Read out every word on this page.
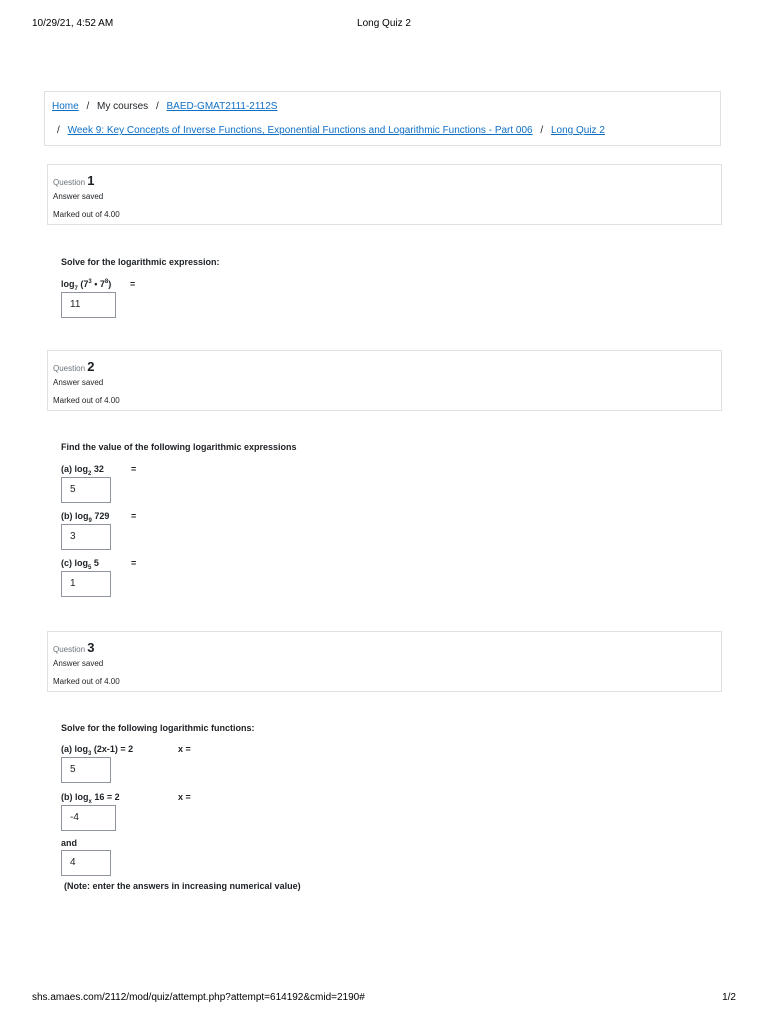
10/29/21, 4:52 AM	Long Quiz 2
Home / My courses / BAED-GMAT2111-2112S
/ Week 9: Key Concepts of Inverse Functions, Exponential Functions and Logarithmic Functions - Part 006 / Long Quiz 2
Question 1
Answer saved
Marked out of 4.00
Solve for the logarithmic expression:
$\log_7 (7^3$ • $7^8$) =
11
Question 2
Answer saved
Marked out of 4.00
Find the value of the following logarithmic expressions
(a) $\log_2 32$	=
5
(b) $\log_9 729$ =
3
(c) $\log_5 5$	=
1
Question 3
Answer saved
Marked out of 4.00
Solve for the following logarithmic functions:
(a) $\log_3 (2x-1) = 2$	x =
5
(b) $\log_x 16 = 2$	x =
-4
and
4
(Note: enter the answers in increasing numerical value)
shs.amaes.com/2112/mod/quiz/attempt.php?attempt=614192&cmid=2190#	1/2
